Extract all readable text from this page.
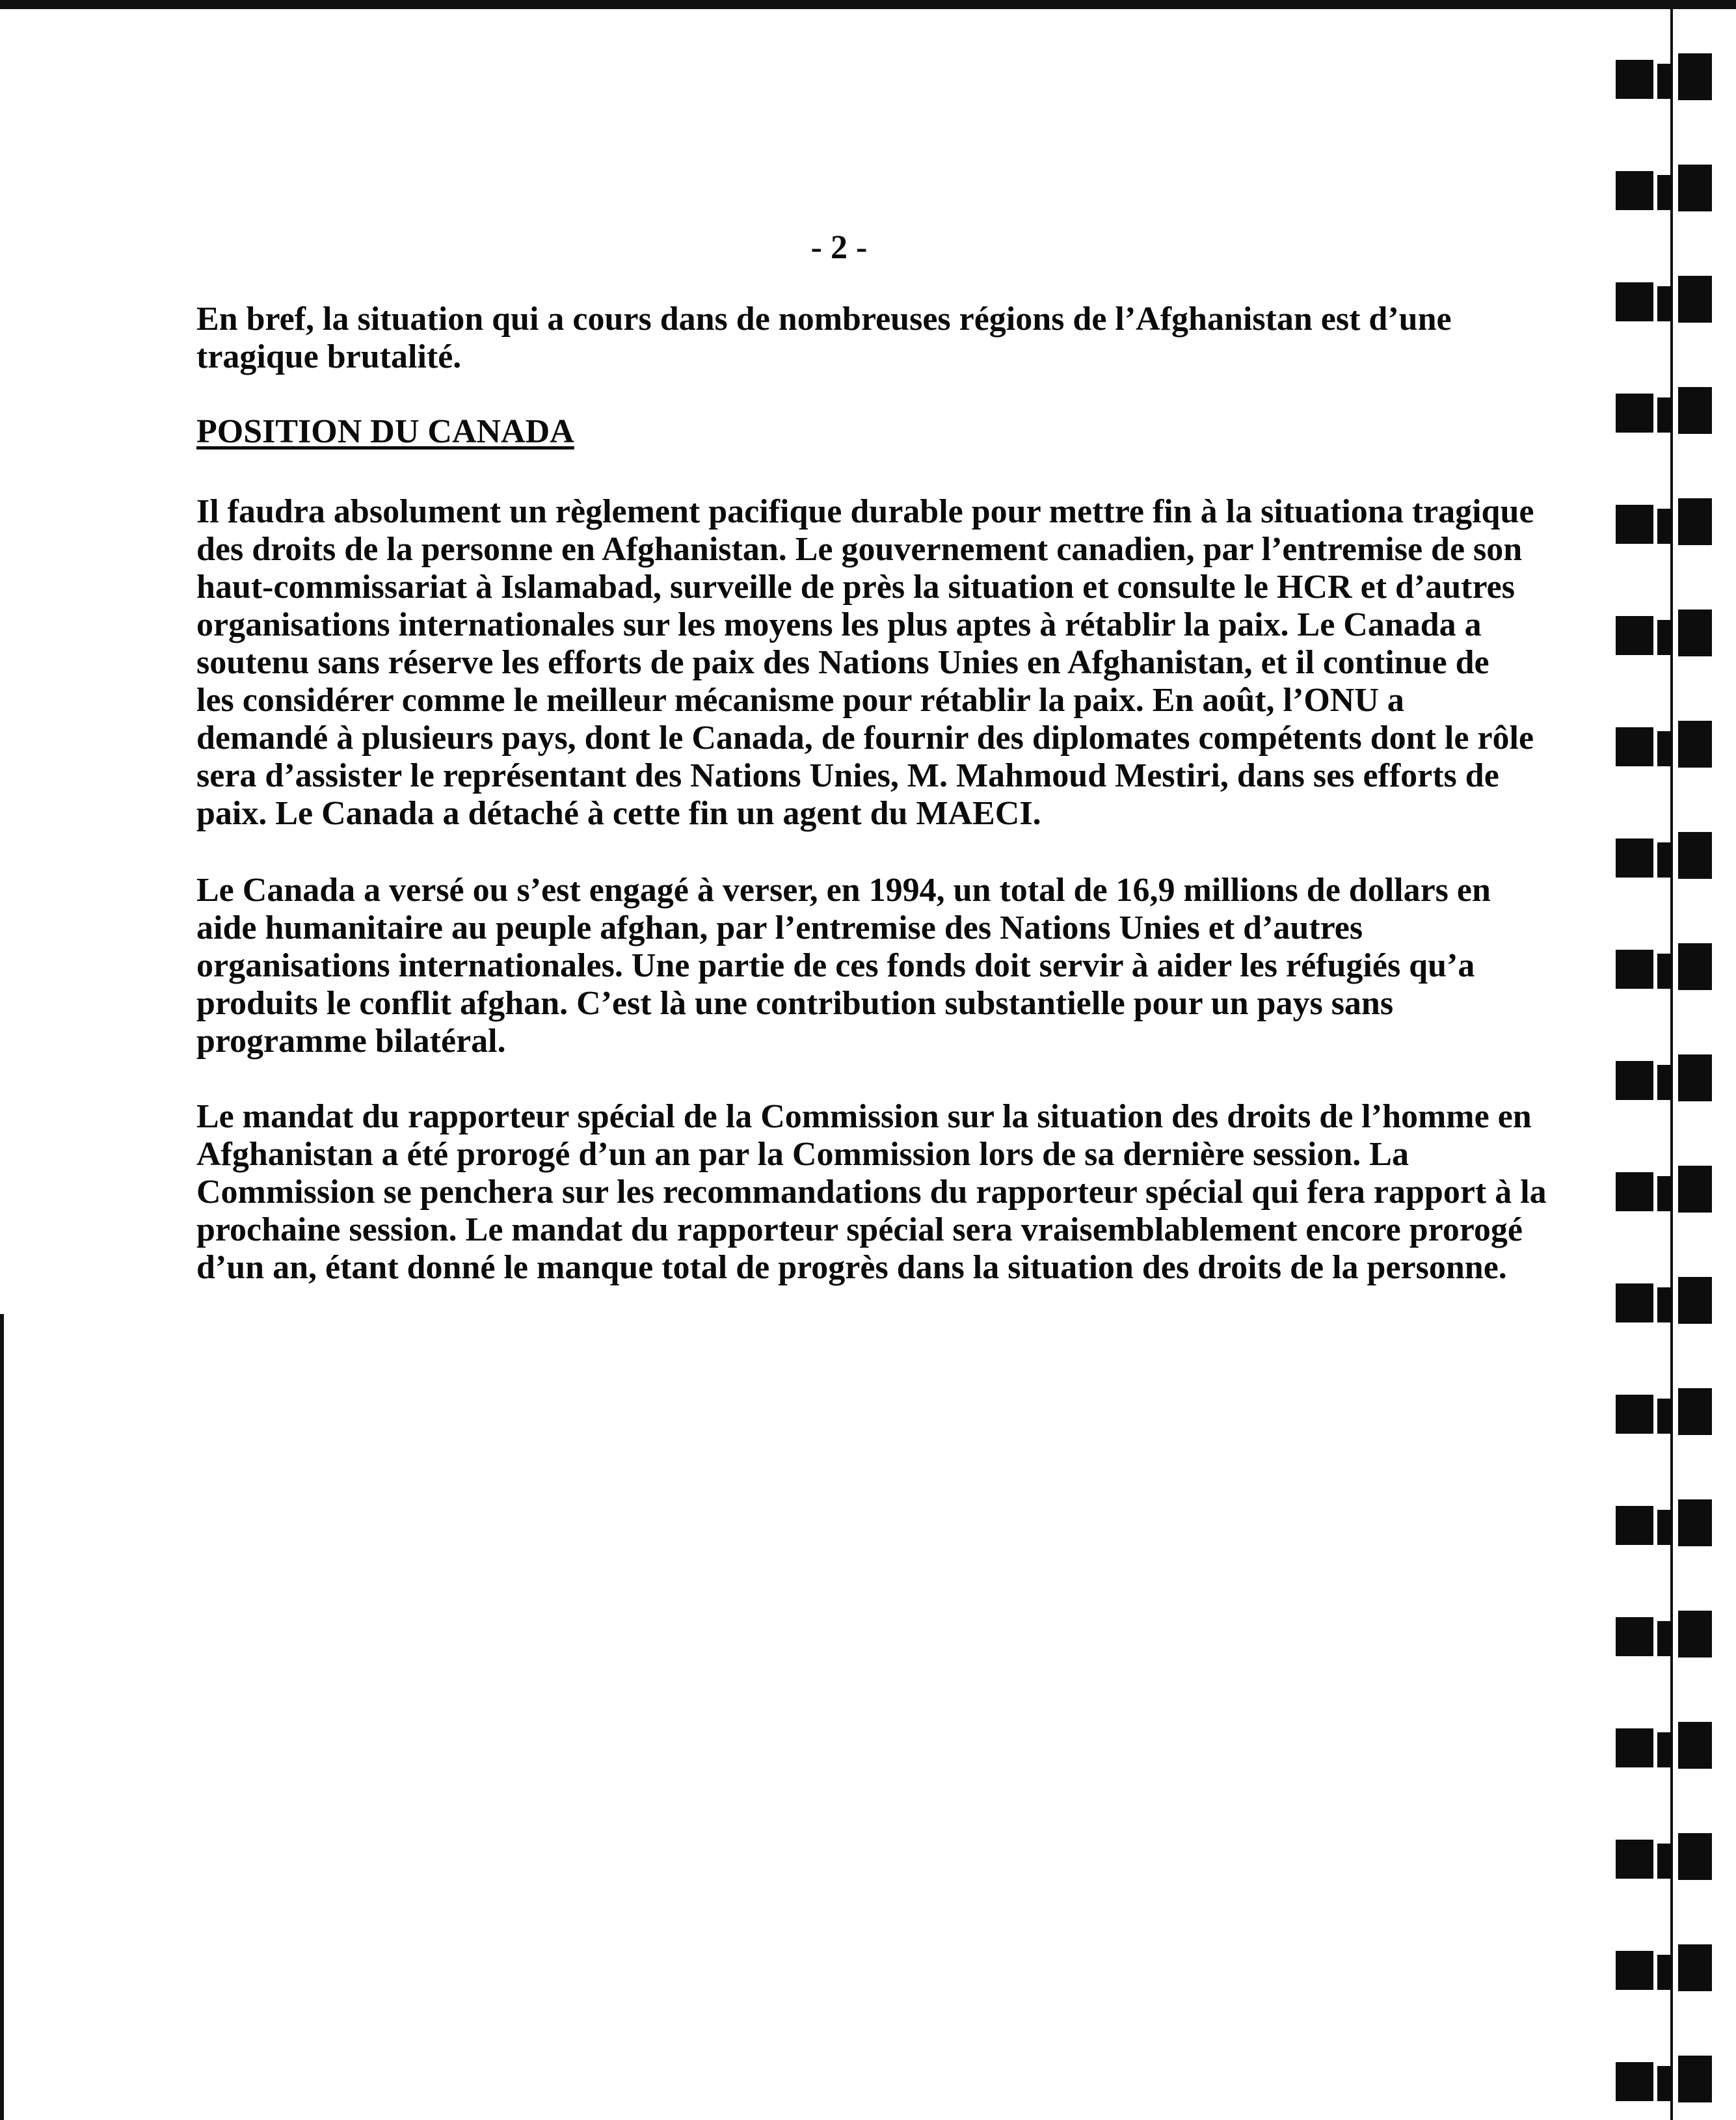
- 2 -

En bref, la situation qui a cours dans de nombreuses régions de l’Afghanistan est d’une
tragique brutalité.

POSITION DU CANADA

Il faudra absolument un règlement pacifique durable pour mettre fin à la situationa tragique
des droits de la personne en Afghanistan. Le gouvernement canadien, par l’entremise de son
haut-commissariat à Islamabad, surveille de près la situation et consulte le HCR et d’autres
organisations internationales sur les moyens les plus aptes à rétablir la paix. Le Canada a
soutenu sans réserve les efforts de paix des Nations Unies en Afghanistan, et il continue de
les considérer comme le meilleur mécanisme pour rétablir la paix. En août, l’ONU a
demandé à plusieurs pays, dont le Canada, de fournir des diplomates compétents dont le rôle
sera d’assister le représentant des Nations Unies, M. Mahmoud Mestiri, dans ses efforts de
paix. Le Canada a détaché à cette fin un agent du MAECI.

Le Canada a versé ou s’est engagé à verser, en 1994, un total de 16,9 millions de dollars en
aide humanitaire au peuple afghan, par l’entremise des Nations Unies et d’autres
organisations internationales. Une partie de ces fonds doit servir à aider les réfugiés qu’a
produits le conflit afghan. C’est là une contribution substantielle pour un pays sans
programme bilatéral.

Le mandat du rapporteur spécial de la Commission sur la situation des droits de l’homme en
Afghanistan a été prorogé d’un an par la Commission lors de sa dernière session. La
Commission se penchera sur les recommandations du rapporteur spécial qui fera rapport à la
prochaine session. Le mandat du rapporteur spécial sera vraisemblablement encore prorogé
d’un an, étant donné le manque total de progrès dans la situation des droits de la personne.
